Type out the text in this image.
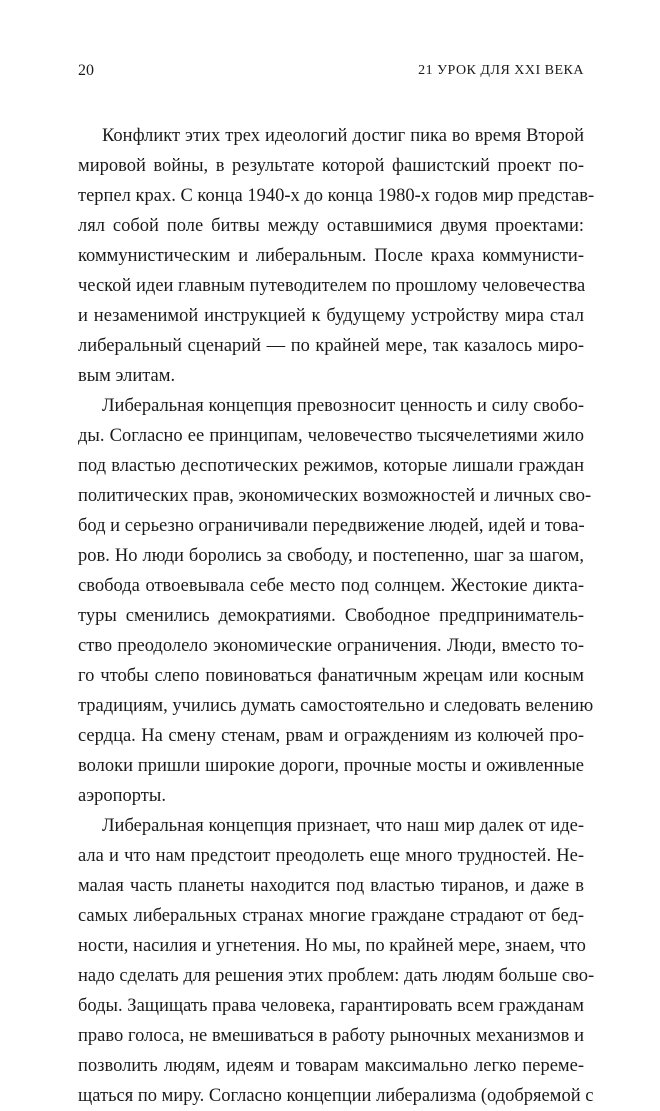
20	21 УРОК ДЛЯ XXI ВЕКА
Конфликт этих трех идеологий достиг пика во время Второй
мировой войны, в результате которой фашистский проект по-
терпел крах. С конца 1940-х до конца 1980-х годов мир представ-
лял собой поле битвы между оставшимися двумя проектами:
коммунистическим и либеральным. После краха коммунисти-
ческой идеи главным путеводителем по прошлому человечества
и незаменимой инструкцией к будущему устройству мира стал
либеральный сценарий — по крайней мере, так казалось миро-
вым элитам.
Либеральная концепция превозносит ценность и силу свобо-
ды. Согласно ее принципам, человечество тысячелетиями жило
под властью деспотических режимов, которые лишали граждан
политических прав, экономических возможностей и личных сво-
бод и серьезно ограничивали передвижение людей, идей и това-
ров. Но люди боролись за свободу, и постепенно, шаг за шагом,
свобода отвоевывала себе место под солнцем. Жестокие дикта-
туры сменились демократиями. Свободное предприниматель-
ство преодолело экономические ограничения. Люди, вместо то-
го чтобы слепо повиноваться фанатичным жрецам или косным
традициям, учились думать самостоятельно и следовать велению
сердца. На смену стенам, рвам и ограждениям из колючей про-
волоки пришли широкие дороги, прочные мосты и оживленные
аэропорты.
Либеральная концепция признает, что наш мир далек от иде-
ала и что нам предстоит преодолеть еще много трудностей. Не-
малая часть планеты находится под властью тиранов, и даже в
самых либеральных странах многие граждане страдают от бед-
ности, насилия и угнетения. Но мы, по крайней мере, знаем, что
надо сделать для решения этих проблем: дать людям больше сво-
боды. Защищать права человека, гарантировать всем гражданам
право голоса, не вмешиваться в работу рыночных механизмов и
позволить людям, идеям и товарам максимально легко переме-
щаться по миру. Согласно концепции либерализма (одобряемой с
